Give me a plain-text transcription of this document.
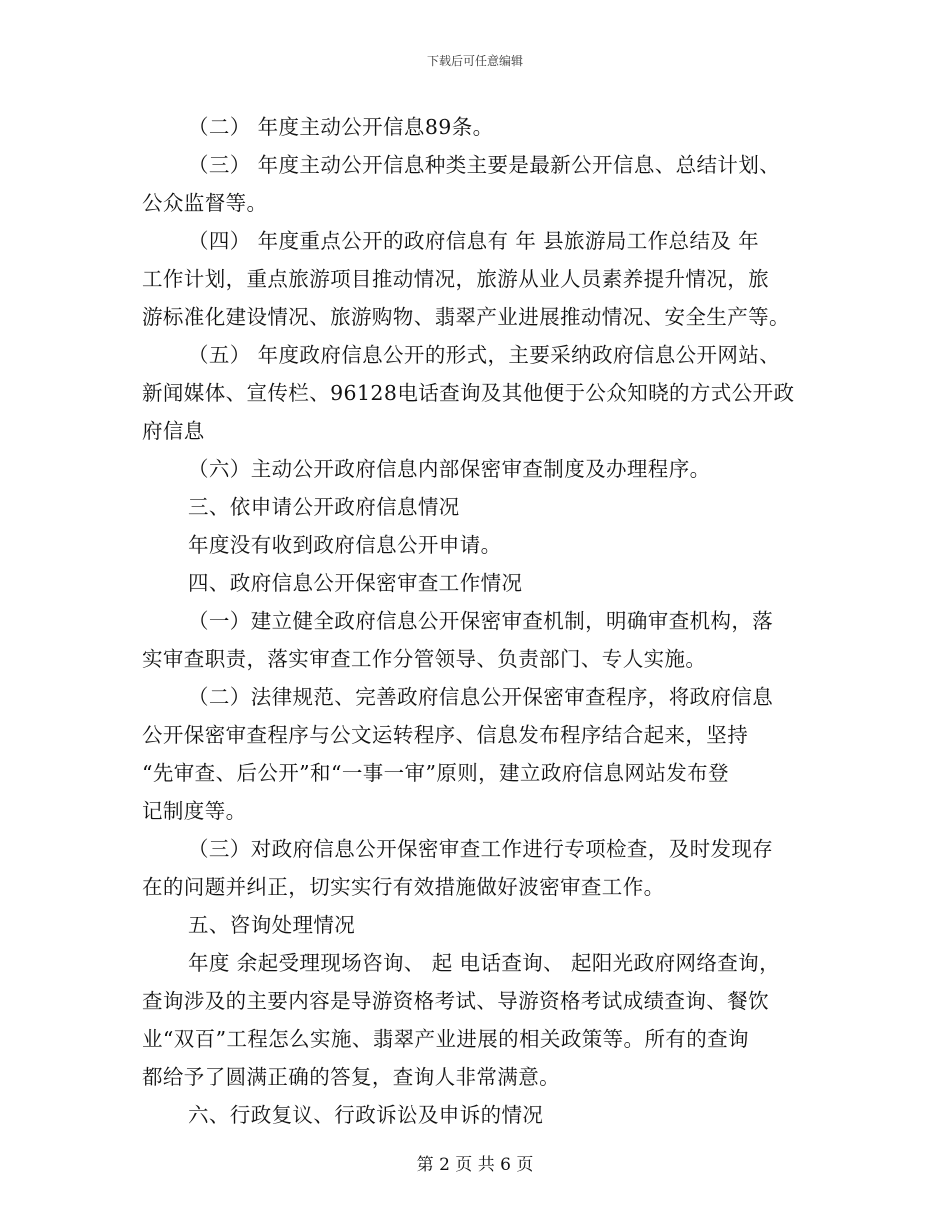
下载后可任意编辑
（二） 年度主动公开信息89条。
（三） 年度主动公开信息种类主要是最新公开信息、总结计划、
公众监督等。
（四） 年度重点公开的政府信息有 年 县旅游局工作总结及 年
工作计划，重点旅游项目推动情况，旅游从业人员素养提升情况，旅
游标准化建设情况、旅游购物、翡翠产业进展推动情况、安全生产等。
（五） 年度政府信息公开的形式，主要采纳政府信息公开网站、
新闻媒体、宣传栏、96128电话查询及其他便于公众知晓的方式公开政
府信息
（六）主动公开政府信息内部保密审查制度及办理程序。
三、依申请公开政府信息情况
年度没有收到政府信息公开申请。
四、政府信息公开保密审查工作情况
（一）建立健全政府信息公开保密审查机制，明确审查机构，落
实审查职责，落实审查工作分管领导、负责部门、专人实施。
（二）法律规范、完善政府信息公开保密审查程序，将政府信息
公开保密审查程序与公文运转程序、信息发布程序结合起来，坚持
“先审查、后公开”和“一事一审”原则，建立政府信息网站发布登
记制度等。
（三）对政府信息公开保密审查工作进行专项检查，及时发现存
在的问题并纠正，切实实行有效措施做好波密审查工作。
五、咨询处理情况
年度 余起受理现场咨询、 起 电话查询、 起阳光政府网络查询，
查询涉及的主要内容是导游资格考试、导游资格考试成绩查询、餐饮
业“双百”工程怎么实施、翡翠产业进展的相关政策等。所有的查询
都给予了圆满正确的答复，查询人非常满意。
六、行政复议、行政诉讼及申诉的情况
第 2 页 共 6 页
